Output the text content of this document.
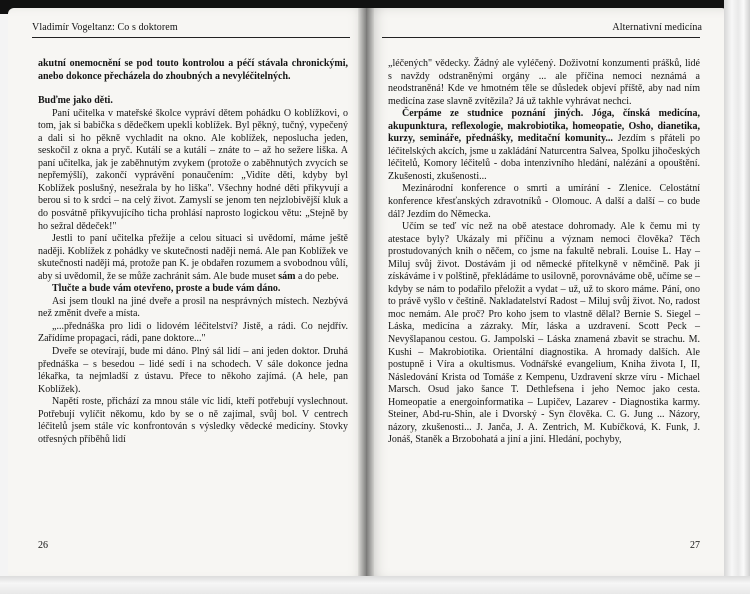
Vladimír Vogeltanz: Co s doktorem

akutní onemocnění se pod touto kontrolou a péčí stávala chronickými, anebo dokonce přecházela do zhoubných a nevyléčitelných.

Buďme jako děti.

Paní učitelka v mateřské školce vypráví dětem pohádku O koblížkovi, o tom, jak si babička s dědečkem upekli koblížek. Byl pěkný, tučný, vypečený a dali si ho pěkně vychladit na okno. Ale koblížek, neposlucha jeden, seskočil z okna a pryč. Kutálí se a kutálí – znáte to – až ho sežere liška. A paní učitelka, jak je zaběhnutým zvykem (protože o zaběhnutých zvycích se nepřemýšlí), zakončí vyprávění ponaučením: „Vidíte děti, kdyby byl Koblížek poslušný, nesežrala by ho liška". Všechny hodné děti přikyvují a berou si to k srdci – na celý život. Zamyslí se jenom ten nejzlobivější kluk a do posvátně přikyvujícího ticha prohlásí naprosto logickou větu: „Stejně by ho sežral dědeček!"

Jestli to paní učitelka přežije a celou situaci si uvědomí, máme ještě naději. Koblížek z pohádky ve skutečnosti naději nemá. Ale pan Koblížek ve skutečnosti naději má, protože pan K. je obdařen rozumem a svobodnou vůlí, aby si uvědomil, že se může zachránit sám. Ale bude muset sám a do pebe.

Tlučte a bude vám otevřeno, proste a bude vám dáno.

Asi jsem tloukl na jiné dveře a prosil na nesprávných místech. Nezbývá než změnit dveře a místa.

„...přednáška pro lidi o lidovém léčitelství? Jistě, a rádi. Co nejdřív. Zařídíme propagaci, rádi, pane doktore..."

Dveře se otevírají, bude mi dáno. Plný sál lidí – ani jeden doktor. Druhá přednáška – s besedou – lidé sedí i na schodech. V sále dokonce jedna lékařka, ta nejmladší z ústavu. Přece to někoho zajímá. (A hele, pan Koblížek).

Napětí roste, přichází za mnou stále víc lidí, kteří potřebují vyslechnout. Potřebují vylíčit někomu, kdo by se o ně zajímal, svůj bol. V centrech léčitelů jsem stále víc konfrontován s výsledky vědecké medicíny. Stovky otřesných příběhů lidí

26
Alternativní medicína

„léčených" vědecky. Žádný ale vyléčený. Doživotní konzumenti prášků, lidé s navždy odstraněnými orgány ... ale příčina nemoci neznámá a neodstraněná! Kde ve hmotném těle se důsledek objeví příště, aby nad ním medicína zase slavně zvítězila? Já už takhle vyhrávat nechci.

Čerpáme ze studnice poznání jiných. Jóga, čínská medicína, akupunktura, reflexologie, makrobiotika, homeopatie, Osho, dianetika, kurzy, semináře, přednášky, meditační komunity... Jezdím s přáteli po léčitelských akcích, jsme u zakládání Naturcentra Salvea, Spolku jihočeských léčitelů, Komory léčitelů - doba intenzivního hledání, nalézání a opouštění. Zkušenosti, zkušenosti...

Mezinárodní konference o smrti a umírání - Zlenice. Celostátní konference křesťanských zdravotníků - Olomouc. A další a další – co bude dál? Jezdím do Německa.

Učím se teď víc než na obě atestace dohromady. Ale k čemu mi ty atestace byly? Ukázaly mi příčinu a význam nemoci člověka? Těch prostudovaných knih o něčem, co jsme na fakultě nebrali. Louise L. Hay – Miluj svůj život. Dostávám ji od německé přítelkyně v němčině. Pak ji získáváme i v polštině, překládáme to usilovně, porovnáváme obě, učíme se – kdyby se nám to podařilo přeložit a vydat – už, už to skoro máme. Pání, ono to právě vyšlo v češtině. Nakladatelství Radost – Miluj svůj život. No, radost moc nemám. Ale proč? Pro koho jsem to vlastně dělal? Bernie S. Siegel – Láska, medicína a zázraky. Mír, láska a uzdravení. Scott Peck – Nevyšlapanou cestou. G. Jampolski – Láska znamená zbavit se strachu. M. Kushi – Makrobiotika. Orientální diagnostika. A hromady dalších. Ale postupně i Víra a okultismus. Vodnářské evangelium, Kniha života I, II, Následování Krista od Tomáše z Kempenu, Uzdravení skrze víru - Michael Marsch. Osud jako šance T. Dethlefsena i jeho Nemoc jako cesta. Homeopatie a energoinformatika – Lupičev, Lazarev - Diagnostika karmy. Steiner, Abd-ru-Shin, ale i Dvorský - Syn člověka. C. G. Jung ... Názory, názory, zkušenosti... J. Janča, J. A. Zentrich, M. Kubíčková, K. Funk, J. Jonáš, Staněk a Brzobohatá a jiní a jiní. Hledání, pochyby,

27
